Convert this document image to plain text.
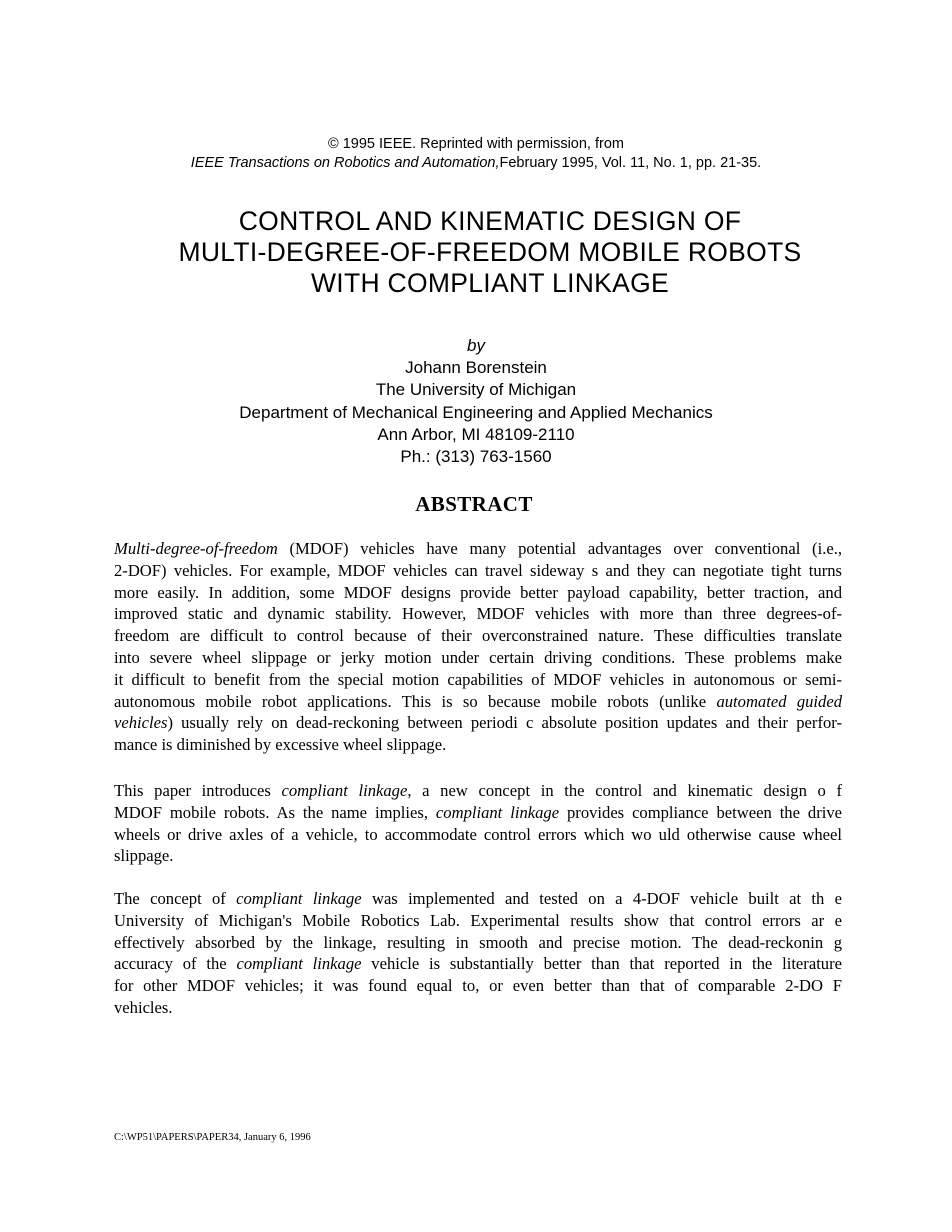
© 1995 IEEE. Reprinted with permission, from
IEEE Transactions on Robotics and Automation,February 1995, Vol. 11, No. 1, pp. 21-35.
CONTROL AND KINEMATIC DESIGN OF
MULTI-DEGREE-OF-FREEDOM MOBILE ROBOTS
WITH COMPLIANT LINKAGE
by
Johann Borenstein
The University of Michigan
Department of Mechanical Engineering and Applied Mechanics
Ann Arbor, MI 48109-2110
Ph.: (313) 763-1560
ABSTRACT
Multi-degree-of-freedom (MDOF) vehicles have many potential advantages over conventional (i.e.,
2-DOF) vehicles. For example, MDOF vehicles can travel sideway s and they can negotiate tight turns
more easily. In addition, some MDOF designs provide better payload capability, better traction, and
improved static and dynamic stability. However, MDOF vehicles with more than three degrees-of-
freedom are difficult to control because of their overconstrained nature. These difficulties translate
into severe wheel slippage or jerky motion under certain driving conditions. These problems make
it difficult to benefit from the special motion capabilities of MDOF vehicles in autonomous or semi-
autonomous mobile robot applications. This is so because mobile robots (unlike automated guided
vehicles) usually rely on dead-reckoning between periodi c absolute position updates and their perfor-
mance is diminished by excessive wheel slippage.
This paper introduces compliant linkage, a new concept in the control and kinematic design o f
MDOF mobile robots. As the name implies, compliant linkage provides compliance between the drive
wheels or drive axles of a vehicle, to accommodate control errors which wo uld otherwise cause wheel
slippage.
The concept of compliant linkage was implemented and tested on a 4-DOF vehicle built at th e
University of Michigan's Mobile Robotics Lab. Experimental results show that control errors ar e
effectively absorbed by the linkage, resulting in smooth and precise motion. The dead-reckonin g
accuracy of the compliant linkage vehicle is substantially better than that reported in the literature
for other MDOF vehicles; it was found equal to, or even better than that of comparable 2-DO F
vehicles.
C:\WP51\PAPERS\PAPER34, January 6, 1996
